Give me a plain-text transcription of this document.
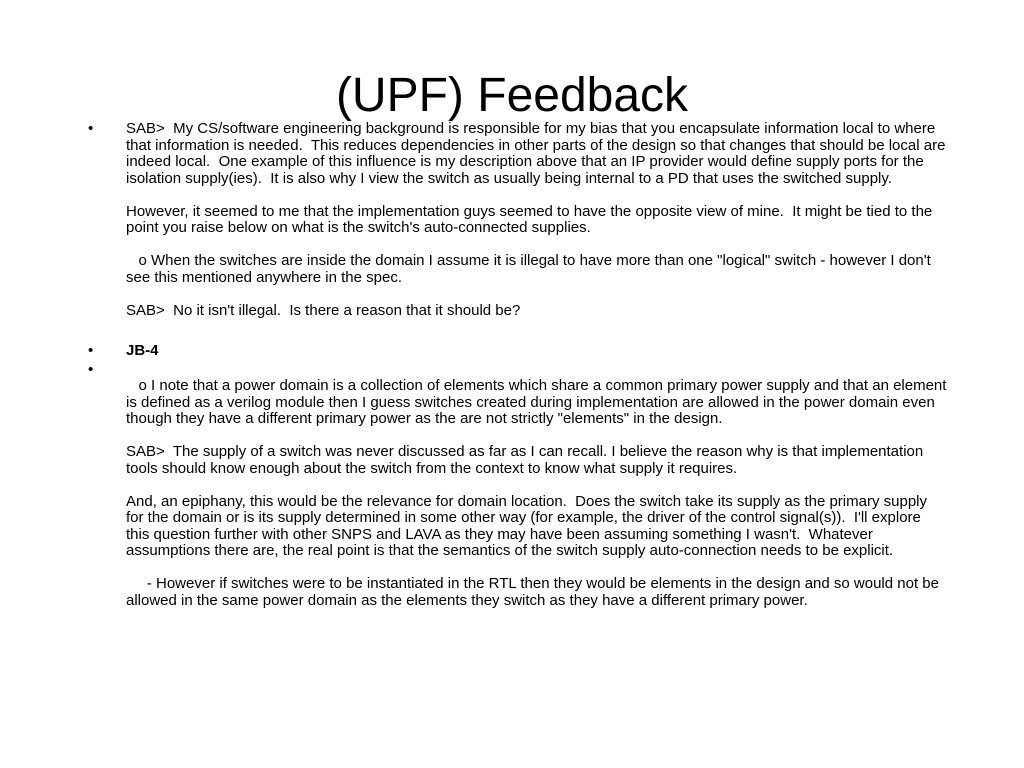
(UPF) Feedback
• SAB>  My CS/software engineering background is responsible for my bias that you encapsulate information local to where that information is needed.  This reduces dependencies in other parts of the design so that changes that should be local are indeed local.  One example of this influence is my description above that an IP provider would define supply ports for the isolation supply(ies).  It is also why I view the switch as usually being internal to a PD that uses the switched supply.

However, it seemed to me that the implementation guys seemed to have the opposite view of mine.  It might be tied to the point you raise below on what is the switch's auto-connected supplies.

o When the switches are inside the domain I assume it is illegal to have more than one "logical" switch - however I don't see this mentioned anywhere in the spec.

SAB>  No it isn't illegal.  Is there a reason that it should be?

• JB-4

•

o I note that a power domain is a collection of elements which share a common primary power supply and that an element is defined as a verilog module then I guess switches created during implementation are allowed in the power domain even though they have a different primary power as the are not strictly "elements" in the design.

SAB>  The supply of a switch was never discussed as far as I can recall. I believe the reason why is that implementation tools should know enough about the switch from the context to know what supply it requires.

And, an epiphany, this would be the relevance for domain location.  Does the switch take its supply as the primary supply for the domain or is its supply determined in some other way (for example, the driver of the control signal(s)).  I'll explore this question further with other SNPS and LAVA as they may have been assuming something I wasn't.  Whatever assumptions there are, the real point is that the semantics of the switch supply auto-connection needs to be explicit.

- However if switches were to be instantiated in the RTL then they would be elements in the design and so would not be allowed in the same power domain as the elements they switch as they have a different primary power.
